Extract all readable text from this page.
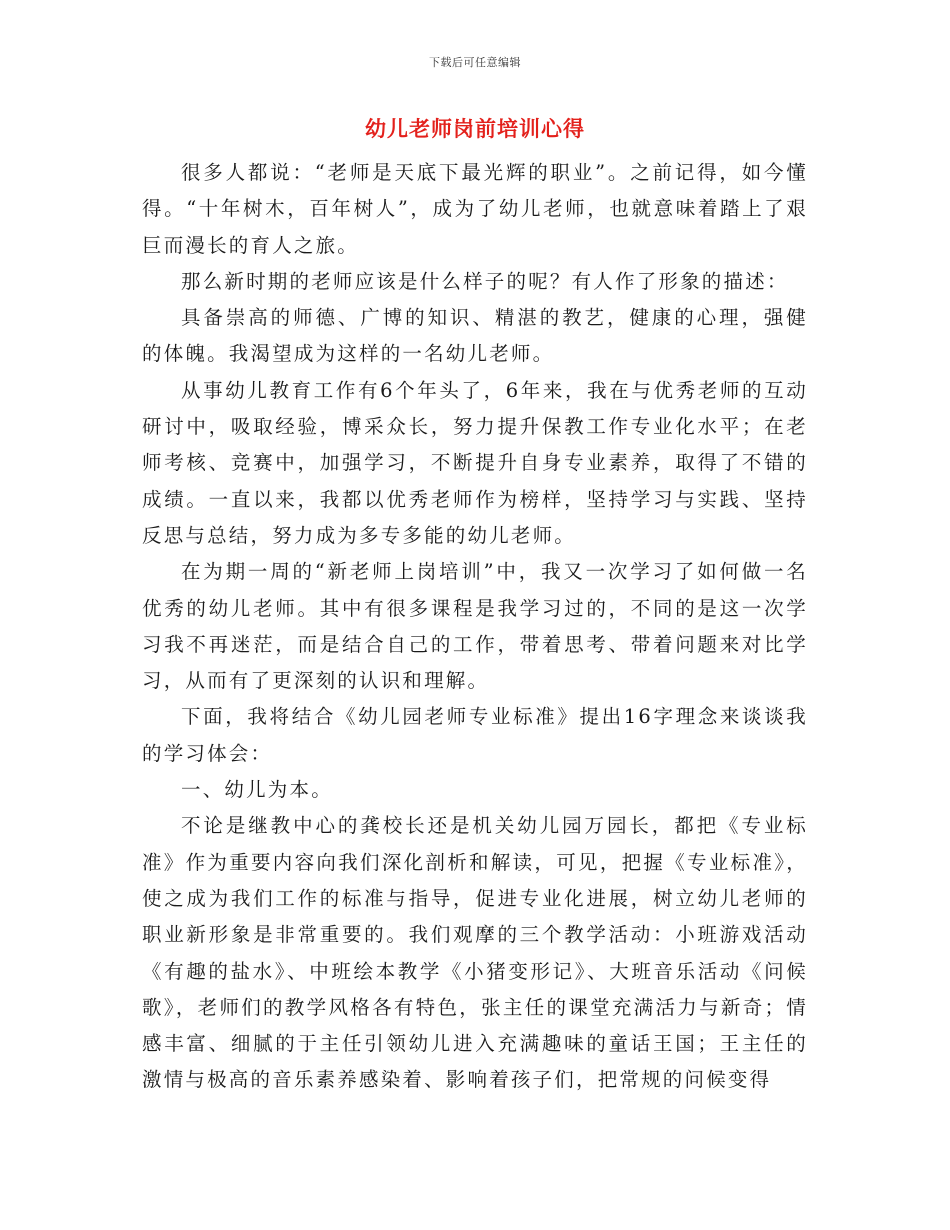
下载后可任意编辑
幼儿老师岗前培训心得

很多人都说：“老师是天底下最光辉的职业”。之前记得，如今懂得。“十年树木，百年树人”，成为了幼儿老师，也就意味着踏上了艰巨而漫长的育人之旅。

那么新时期的老师应该是什么样子的呢？有人作了形象的描述：

具备崇高的师德、广博的知识、精湛的教艺，健康的心理，强健的体魄。我渴望成为这样的一名幼儿老师。

从事幼儿教育工作有6个年头了，6年来，我在与优秀老师的互动研讨中，吸取经验，博采众长，努力提升保教工作专业化水平；在老师考核、竞赛中，加强学习，不断提升自身专业素养，取得了不错的成绩。一直以来，我都以优秀老师作为榜样，坚持学习与实践、坚持反思与总结，努力成为多专多能的幼儿老师。

在为期一周的“新老师上岗培训”中，我又一次学习了如何做一名优秀的幼儿老师。其中有很多课程是我学习过的，不同的是这一次学习我不再迷茫，而是结合自己的工作，带着思考、带着问题来对比学习，从而有了更深刻的认识和理解。

下面，我将结合《幼儿园老师专业标准》提出16字理念来谈谈我的学习体会：

一、幼儿为本。

不论是继教中心的龚校长还是机关幼儿园万园长，都把《专业标准》作为重要内容向我们深化剖析和解读，可见，把握《专业标准》，使之成为我们工作的标准与指导，促进专业化进展，树立幼儿老师的职业新形象是非常重要的。我们观摩的三个教学活动：小班游戏活动《有趣的盐水》、中班绘本教学《小猪变形记》、大班音乐活动《问候歌》，老师们的教学风格各有特色，张主任的课堂充满活力与新奇；情感丰富、细腻的于主任引领幼儿进入充满趣味的童话王国；王主任的激情与极高的音乐素养感染着、影响着孩子们，把常规的问候变得
